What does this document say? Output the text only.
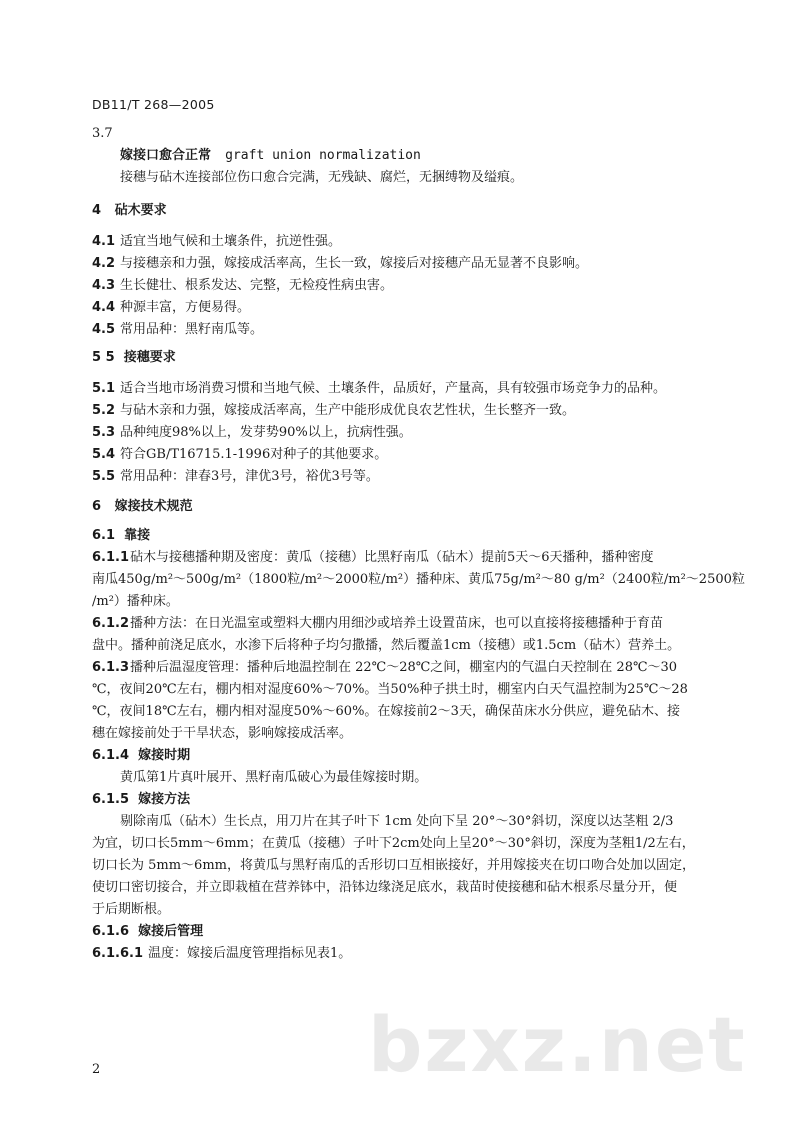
DB11/T 268—2005
3.7
嫁接口愈合正常 graft union normalization
接穗与砧木连接部位伤口愈合完满，无残缺、腐烂，无捆缚物及缢痕。
4 砧木要求
4.1 适宜当地气候和土壤条件，抗逆性强。
4.2 与接穗亲和力强，嫁接成活率高，生长一致，嫁接后对接穗产品无显著不良影响。
4.3 生长健壮、根系发达、完整，无检疫性病虫害。
4.4 种源丰富，方便易得。
4.5 常用品种：黑籽南瓜等。
5 5 接穗要求
5.1 适合当地市场消费习惯和当地气候、土壤条件，品质好，产量高，具有较强市场竞争力的品种。
5.2 与砧木亲和力强，嫁接成活率高，生产中能形成优良农艺性状，生长整齐一致。
5.3 品种纯度98%以上，发芽势90%以上，抗病性强。
5.4 符合GB/T16715.1-1996对种子的其他要求。
5.5 常用品种：津春3号，津优3号，裕优3号等。
6 嫁接技术规范
6.1 靠接
6.1.1砧木与接穗播种期及密度：黄瓜（接穗）比黑籽南瓜（砧木）提前5天～6天播种，播种密度
南瓜450g/m²～500g/m²（1800粒/m²～2000粒/m²）播种床、黄瓜75g/m²～80 g/m²（2400粒/m²～2500粒
/m²）播种床。
6.1.2播种方法：在日光温室或塑料大棚内用细沙或培养土设置苗床，也可以直接将接穗播种于育苗
盘中。播种前浇足底水，水渗下后将种子均匀撒播，然后覆盖1cm（接穗）或1.5cm（砧木）营养土。
6.1.3播种后温湿度管理：播种后地温控制在 22℃～28℃之间，棚室内的气温白天控制在 28℃～30
℃，夜间20℃左右，棚内相对湿度60%～70%。当50%种子拱土时，棚室内白天气温控制为25℃～28
℃，夜间18℃左右，棚内相对湿度50%～60%。在嫁接前2～3天，确保苗床水分供应，避免砧木、接
穗在嫁接前处于干旱状态，影响嫁接成活率。
6.1.4 嫁接时期
黄瓜第1片真叶展开、黑籽南瓜破心为最佳嫁接时期。
6.1.5 嫁接方法
剔除南瓜（砧木）生长点，用刀片在其子叶下 1cm 处向下呈 20°～30°斜切，深度以达茎粗 2/3
为宜，切口长5mm～6mm；在黄瓜（接穗）子叶下2cm处向上呈20°～30°斜切，深度为茎粗1/2左右，
切口长为 5mm～6mm，将黄瓜与黑籽南瓜的舌形切口互相嵌接好，并用嫁接夹在切口吻合处加以固定，
使切口密切接合，并立即栽植在营养钵中，沿钵边缘浇足底水，栽苗时使接穗和砧木根系尽量分开，便
于后期断根。
6.1.6 嫁接后管理
6.1.6.1 温度：嫁接后温度管理指标见表1。
bzxz.net
2
